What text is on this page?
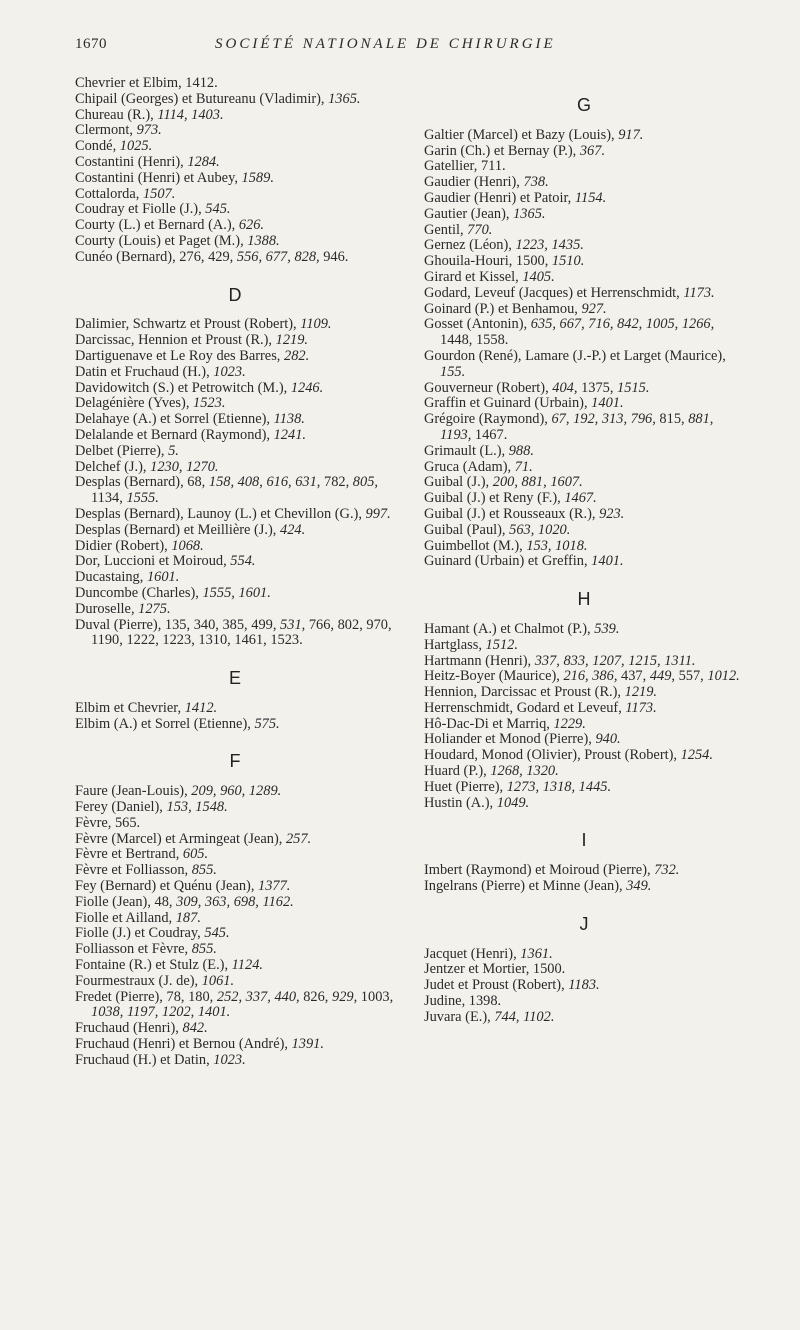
1670	SOCIÉTÉ NATIONALE DE CHIRURGIE
Chevrier et Elbim, 1412.
Chipail (Georges) et Butureanu (Vladimir), 1365.
Chureau (R.), 1114, 1403.
Clermont, 973.
Condé, 1025.
Costantini (Henri), 1284.
Costantini (Henri) et Aubey, 1589.
Cottalorda, 1507.
Coudray et Fiolle (J.), 545.
Courty (L.) et Bernard (A.), 626.
Courty (Louis) et Paget (M.), 1388.
Cunéo (Bernard), 276, 429, 556, 677, 828, 946.
D
Dalimier, Schwartz et Proust (Robert), 1109.
Darcissac, Hennion et Proust (R.), 1219.
Dartiguenave et Le Roy des Barres, 282.
Datin et Fruchaud (H.), 1023.
Davidowitch (S.) et Petrowitch (M.), 1246.
Delagénière (Yves), 1523.
Delahaye (A.) et Sorrel (Etienne), 1138.
Delalande et Bernard (Raymond), 1241.
Delbet (Pierre), 5.
Delchef (J.), 1230, 1270.
Desplas (Bernard), 68, 158, 408, 616, 631, 782, 805, 1134, 1555.
Desplas (Bernard), Launoy (L.) et Chevillon (G.), 997.
Desplas (Bernard) et Meillière (J.), 424.
Didier (Robert), 1068.
Dor, Luccioni et Moiroud, 554.
Ducastaing, 1601.
Duncombe (Charles), 1555, 1601.
Duroselle, 1275.
Duval (Pierre), 135, 340, 385, 499, 531, 766, 802, 970, 1190, 1222, 1223, 1310, 1461, 1523.
E
Elbim et Chevrier, 1412.
Elbim (A.) et Sorrel (Etienne), 575.
F
Faure (Jean-Louis), 209, 960, 1289.
Ferey (Daniel), 153, 1548.
Fèvre, 565.
Fèvre (Marcel) et Armingeat (Jean), 257.
Fèvre et Bertrand, 605.
Fèvre et Folliasson, 855.
Fey (Bernard) et Quénu (Jean), 1377.
Fiolle (Jean), 48, 309, 363, 698, 1162.
Fiolle et Ailland, 187.
Fiolle (J.) et Coudray, 545.
Folliasson et Fèvre, 855.
Fontaine (R.) et Stulz (E.), 1124.
Fourmestraux (J. de), 1061.
Fredet (Pierre), 78, 180, 252, 337, 440, 826, 929, 1003, 1038, 1197, 1202, 1401.
Fruchaud (Henri), 842.
Fruchaud (Henri) et Bernou (André), 1391.
Fruchaud (H.) et Datin, 1023.
G
Galtier (Marcel) et Bazy (Louis), 917.
Garin (Ch.) et Bernay (P.), 367.
Gatellier, 711.
Gaudier (Henri), 738.
Gaudier (Henri) et Patoir, 1154.
Gautier (Jean), 1365.
Gentil, 770.
Gernez (Léon), 1223, 1435.
Ghouila-Houri, 1500, 1510.
Girard et Kissel, 1405.
Godard, Leveuf (Jacques) et Herrenschmidt, 1173.
Goinard (P.) et Benhamou, 927.
Gosset (Antonin), 635, 667, 716, 842, 1005, 1266, 1448, 1558.
Gourdon (René), Lamare (J.-P.) et Larget (Maurice), 155.
Gouverneur (Robert), 404, 1375, 1515.
Graffin et Guinard (Urbain), 1401.
Grégoire (Raymond), 67, 192, 313, 796, 815, 881, 1193, 1467.
Grimault (L.), 988.
Gruca (Adam), 71.
Guibal (J.), 200, 881, 1607.
Guibal (J.) et Reny (F.), 1467.
Guibal (J.) et Rousseaux (R.), 923.
Guibal (Paul), 563, 1020.
Guimbellot (M.), 153, 1018.
Guinard (Urbain) et Greffin, 1401.
H
Hamant (A.) et Chalmot (P.), 539.
Hartglass, 1512.
Hartmann (Henri), 337, 833, 1207, 1215, 1311.
Heitz-Boyer (Maurice), 216, 386, 437, 449, 557, 1012.
Hennion, Darcissac et Proust (R.), 1219.
Herrenschmidt, Godard et Leveuf, 1173.
Hô-Dac-Di et Marriq, 1229.
Holiander et Monod (Pierre), 940.
Houdard, Monod (Olivier), Proust (Robert), 1254.
Huard (P.), 1268, 1320.
Huet (Pierre), 1273, 1318, 1445.
Hustin (A.), 1049.
I
Imbert (Raymond) et Moiroud (Pierre), 732.
Ingelrans (Pierre) et Minne (Jean), 349.
J
Jacquet (Henri), 1361.
Jentzer et Mortier, 1500.
Judet et Proust (Robert), 1183.
Judine, 1398.
Juvara (E.), 744, 1102.
